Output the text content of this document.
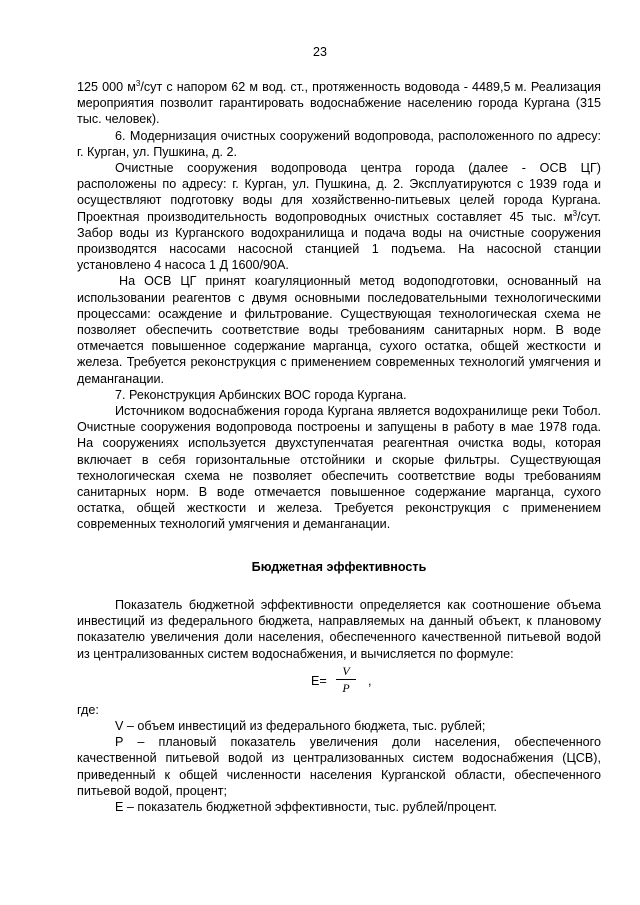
23

125 000 $м^3$/сут с напором 62 м вод. ст., протяженность водовода - 4489,5 м. Реализация мероприятия позволит гарантировать водоснабжение населению города Кургана (315 тыс. человек).

6. Модернизация очистных сооружений водопровода, расположенного по адресу: г. Курган, ул. Пушкина, д. 2.

Очистные сооружения водопровода центра города (далее - ОСВ ЦГ) расположены по адресу: г. Курган, ул. Пушкина, д. 2. Эксплуатируются с 1939 года и осуществляют подготовку воды для хозяйственно-питьевых целей города Кургана. Проектная производительность водопроводных очистных составляет 45 тыс. $м^3$/сут. Забор воды из Курганского водохранилища и подача воды на очистные сооружения производятся насосами насосной станцией 1 подъема. На насосной станции установлено 4 насоса 1 Д 1600/90А.

На ОСВ ЦГ принят коагуляционный метод водоподготовки, основанный на использовании реагентов с двумя основными последовательными технологическими процессами: осаждение и фильтрование. Существующая технологическая схема не позволяет обеспечить соответствие воды требованиям санитарных норм. В воде отмечается повышенное содержание марганца, сухого остатка, общей жесткости и железа. Требуется реконструкция с применением современных технологий умягчения и деманганации.

7. Реконструкция Арбинских ВОС города Кургана.

Источником водоснабжения города Кургана является водохранилище реки Тобол. Очистные сооружения водопровода построены и запущены в работу в мае 1978 года. На сооружениях используется двухступенчатая реагентная очистка воды, которая включает в себя горизонтальные отстойники и скорые фильтры. Существующая технологическая схема не позволяет обеспечить соответствие воды требованиям санитарных норм. В воде отмечается повышенное содержание марганца, сухого остатка, общей жесткости и железа. Требуется реконструкция с применением современных технологий умягчения и деманганации.

Бюджетная эффективность

Показатель бюджетной эффективности определяется как соотношение объема инвестиций из федерального бюджета, направляемых на данный объект, к плановому показателю увеличения доли населения, обеспеченного качественной питьевой водой из централизованных систем водоснабжения, и вычисляется по формуле:

E=
V
P	,

где:

V – объем инвестиций из федерального бюджета, тыс. рублей;

P – плановый показатель увеличения доли населения, обеспеченного качественной питьевой водой из централизованных систем водоснабжения (ЦСВ), приведенный к общей численности населения Курганской области, обеспеченного питьевой водой, процент;

E – показатель бюджетной эффективности, тыс. рублей/процент.
